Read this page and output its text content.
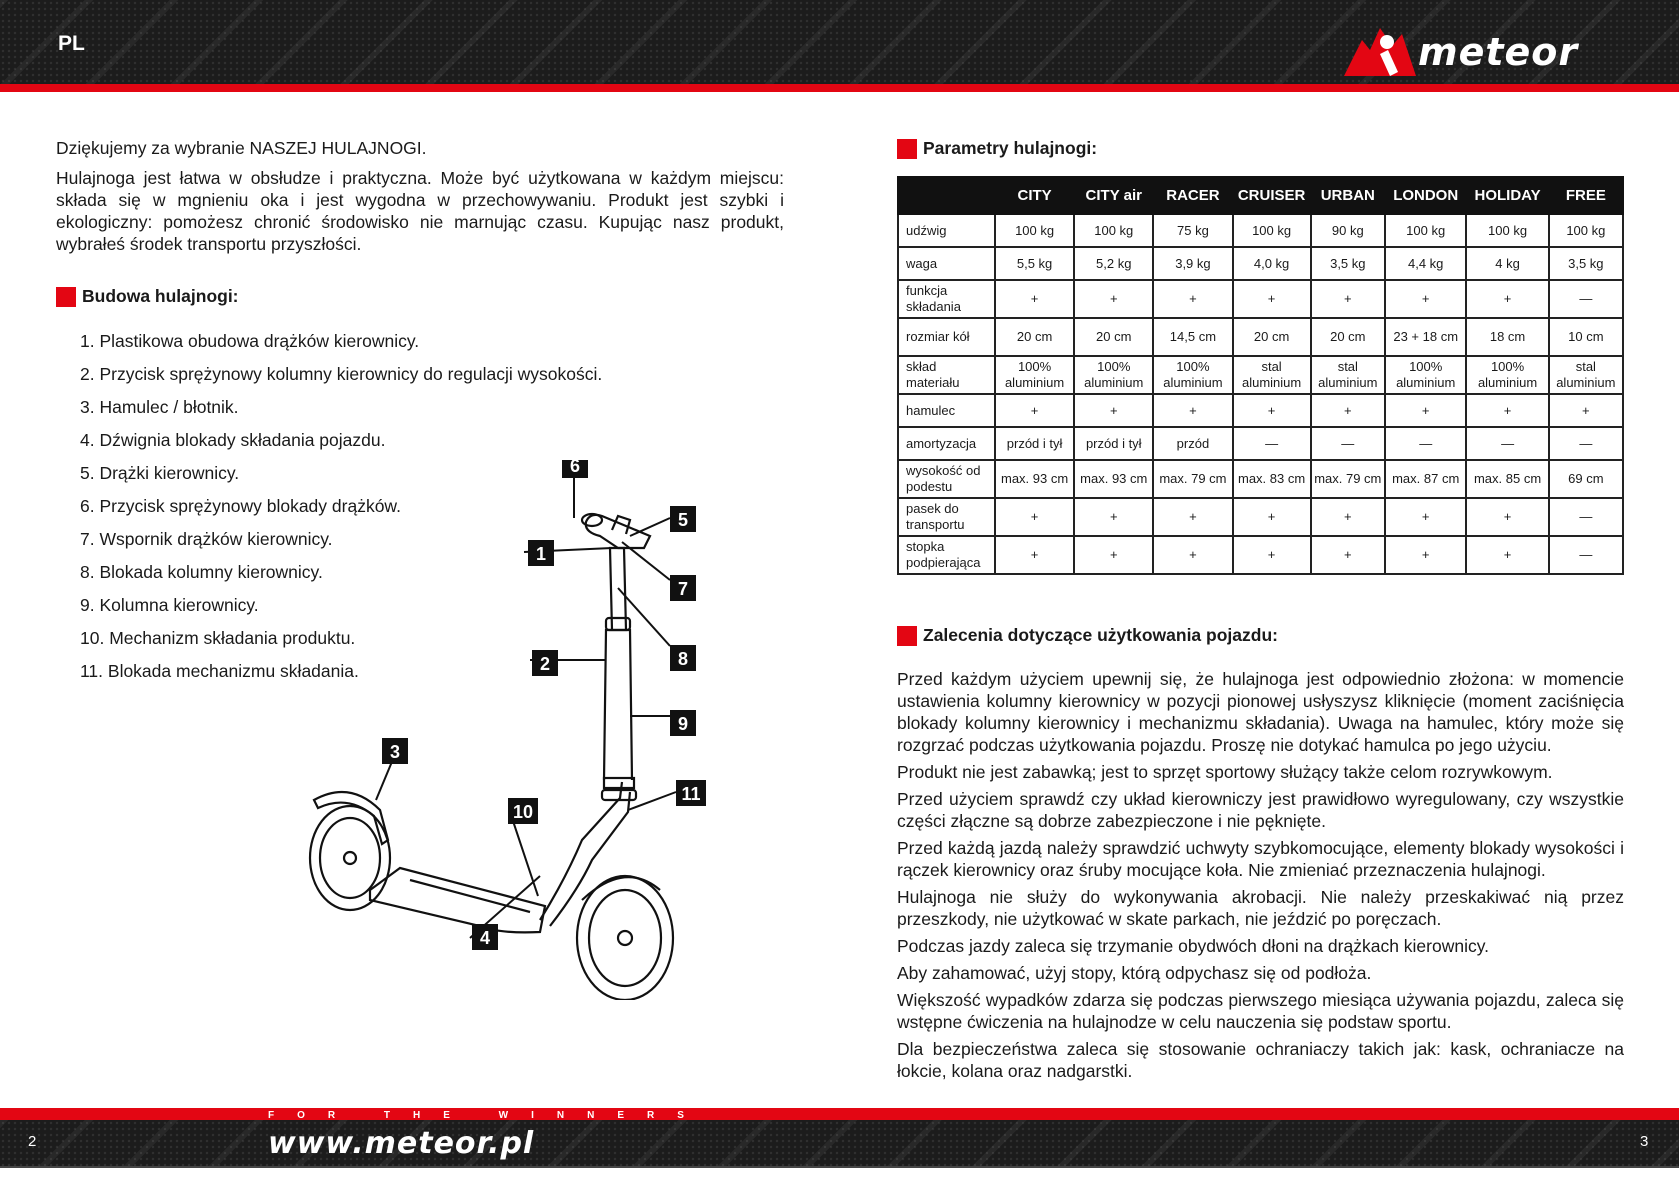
PL	meteor

Dziękujemy za wybranie NASZEJ HULAJNOGI.

Hulajnoga jest łatwa w obsłudze i praktyczna. Może być użytkowana w każdym miejscu: składa się w mgnieniu oka i jest wygodna w przechowywaniu. Produkt jest szybki i ekologiczny: pomożesz chronić środowisko nie marnując czasu. Kupując nasz produkt, wybrałeś środek transportu przyszłości.

Budowa hulajnogi:
1. Plastikowa obudowa drążków kierownicy.
2. Przycisk sprężynowy kolumny kierownicy do regulacji wysokości.
3. Hamulec / błotnik.
4. Dźwignia blokady składania pojazdu.
5. Drążki kierownicy.
6. Przycisk sprężynowy blokady drążków.
7. Wspornik drążków kierownicy.
8. Blokada kolumny kierownicy.
9. Kolumna kierownicy.
10. Mechanizm składania produktu.
11. Blokada mechanizmu składania.
6
5
1
7
8
2
9
3
10
11
4
Parametry hulajnogi:
	CITY	CITY air	RACER	CRUISER	URBAN	LONDON	HOLIDAY	FREE
udźwig	100 kg	100 kg	75 kg	100 kg	90 kg	100 kg	100 kg	100 kg
waga	5,5 kg	5,2 kg	3,9 kg	4,0 kg	3,5 kg	4,4 kg	4 kg	3,5 kg
funkcja składania	+	+	+	+	+	+	+	—
rozmiar kół	20 cm	20 cm	14,5 cm	20 cm	20 cm	23 + 18 cm	18 cm	10 cm
skład materiału	100% aluminium	100% aluminium	100% aluminium	stal aluminium	stal aluminium	100% aluminium	100% aluminium	stal aluminium
hamulec	+	+	+	+	+	+	+	+
amortyzacja	przód i tył	przód i tył	przód	—	—	—	—	—
wysokość od podestu	max. 93 cm	max. 93 cm	max. 79 cm	max. 83 cm	max. 79 cm	max. 87 cm	max. 85 cm	69 cm
pasek do transportu	+	+	+	+	+	+	+	—
stopka podpierająca	+	+	+	+	+	+	+	—
Zalecenia dotyczące użytkowania pojazdu:

Przed każdym użyciem upewnij się, że hulajnoga jest odpowiednio złożona: w momencie ustawienia kolumny kierownicy w pozycji pionowej usłyszysz kliknięcie (moment zaciśnięcia blokady kolumny kierownicy i mechanizmu składania). Uwaga na hamulec, który może się rozgrzać podczas użytkowania pojazdu. Proszę nie dotykać hamulca po jego użyciu.

Produkt nie jest zabawką; jest to sprzęt sportowy służący także celom rozrywkowym.

Przed użyciem sprawdź czy układ kierowniczy jest prawidłowo wyregulowany, czy wszystkie części złączne są dobrze zabezpieczone i nie pęknięte.

Przed każdą jazdą należy sprawdzić uchwyty szybkomocujące, elementy blokady wysokości i rączek kierownicy oraz śruby mocujące koła. Nie zmieniać przeznaczenia hulajnogi.

Hulajnoga nie służy do wykonywania akrobacji. Nie należy przeskakiwać nią przez przeszkody, nie użytkować w skate parkach, nie jeździć po poręczach.

Podczas jazdy zaleca się trzymanie obydwóch dłoni na drążkach kierownicy.

Aby zahamować, użyj stopy, którą odpychasz się od podłoża.

Większość wypadków zdarza się podczas pierwszego miesiąca używania pojazdu, zaleca się wstępne ćwiczenia na hulajnodze w celu nauczenia się podstaw sportu.

Dla bezpieczeństwa zaleca się stosowanie ochraniaczy takich jak: kask, ochraniacze na łokcie, kolana oraz nadgarstki.

FOR THE WINNERS
www.meteor.pl
2	3
